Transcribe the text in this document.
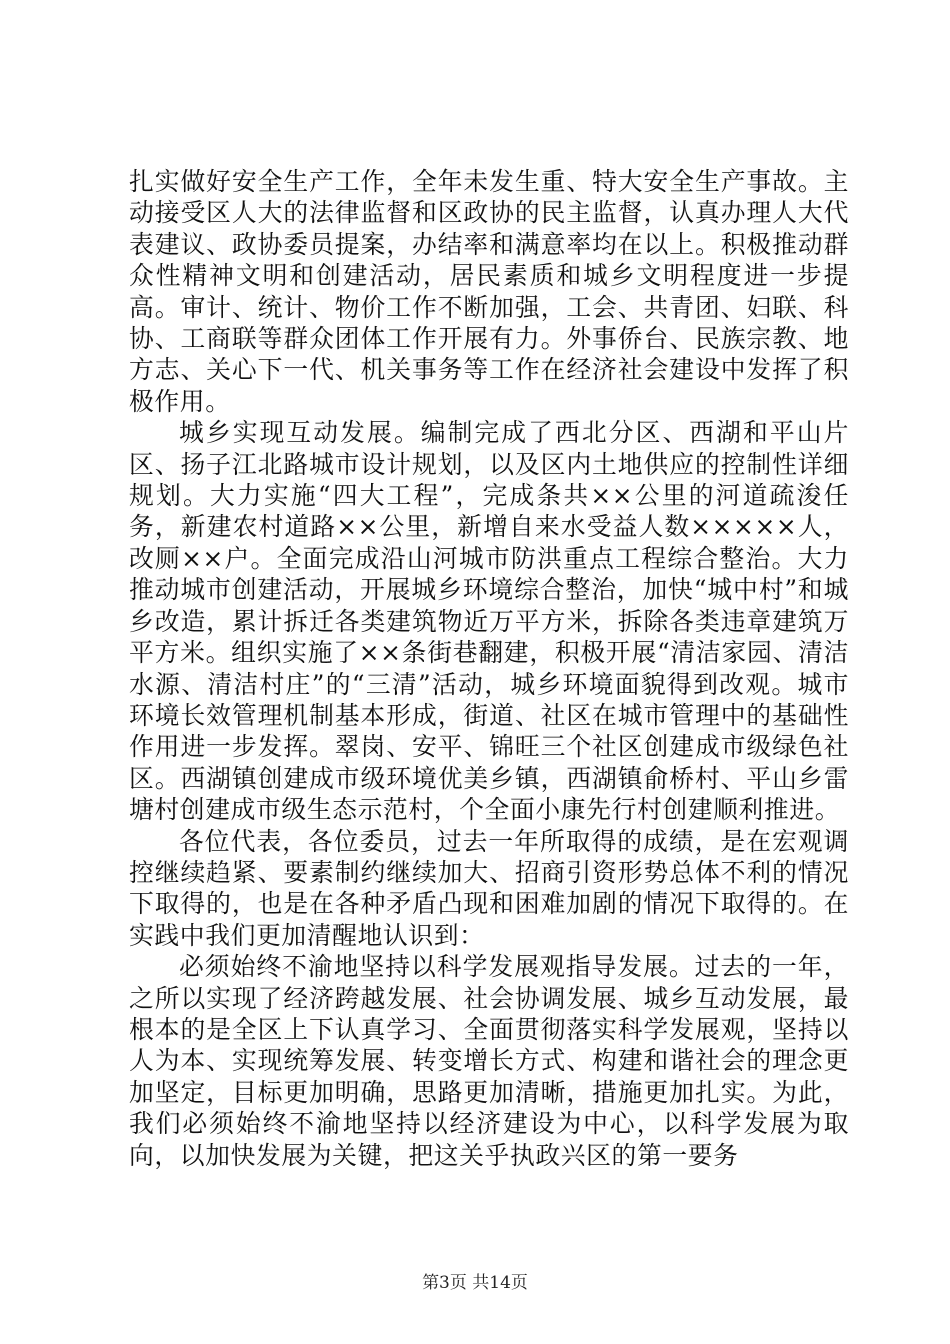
扎实做好安全生产工作，全年未发生重、特大安全生产事故。主动接受区人大的法律监督和区政协的民主监督，认真办理人大代表建议、政协委员提案，办结率和满意率均在以上。积极推动群众性精神文明和创建活动，居民素质和城乡文明程度进一步提高。审计、统计、物价工作不断加强，工会、共青团、妇联、科协、工商联等群众团体工作开展有力。外事侨台、民族宗教、地方志、关心下一代、机关事务等工作在经济社会建设中发挥了积极作用。

城乡实现互动发展。编制完成了西北分区、西湖和平山片区、扬子江北路城市设计规划，以及区内土地供应的控制性详细规划。大力实施“四大工程”，完成条共××公里的河道疏浚任务，新建农村道路××公里，新增自来水受益人数×××××人，改厕××户。全面完成沿山河城市防洪重点工程综合整治。大力推动城市创建活动，开展城乡环境综合整治，加快“城中村”和城乡改造，累计拆迁各类建筑物近万平方米，拆除各类违章建筑万平方米。组织实施了××条街巷翻建，积极开展“清洁家园、清洁水源、清洁村庄”的“三清”活动，城乡环境面貌得到改观。城市环境长效管理机制基本形成，街道、社区在城市管理中的基础性作用进一步发挥。翠岗、安平、锦旺三个社区创建成市级绿色社区。西湖镇创建成市级环境优美乡镇，西湖镇俞桥村、平山乡雷塘村创建成市级生态示范村，个全面小康先行村创建顺利推进。

各位代表，各位委员，过去一年所取得的成绩，是在宏观调控继续趋紧、要素制约继续加大、招商引资形势总体不利的情况下取得的，也是在各种矛盾凸现和困难加剧的情况下取得的。在实践中我们更加清醒地认识到：

必须始终不渝地坚持以科学发展观指导发展。过去的一年，之所以实现了经济跨越发展、社会协调发展、城乡互动发展，最根本的是全区上下认真学习、全面贯彻落实科学发展观，坚持以人为本、实现统筹发展、转变增长方式、构建和谐社会的理念更加坚定，目标更加明确，思路更加清晰，措施更加扎实。为此，我们必须始终不渝地坚持以经济建设为中心，以科学发展为取向，以加快发展为关键，把这关乎执政兴区的第一要务

第3页 共14页
